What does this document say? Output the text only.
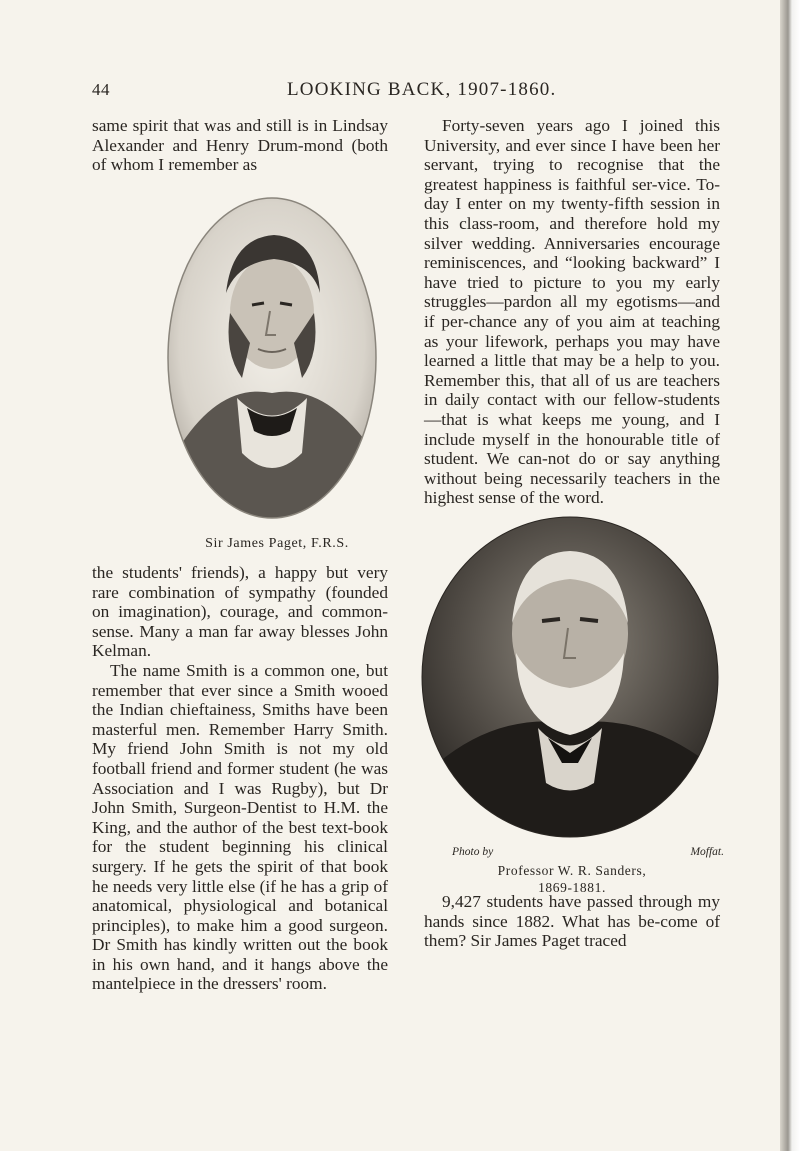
44	LOOKING BACK, 1907-1860.

same spirit that was and still is in Lindsay Alexander and Henry Drum-mond (both of whom I remember as

Sir James Paget, F.R.S.

the students' friends), a happy but very rare combination of sympathy (founded on imagination), courage, and common-sense. Many a man far away blesses John Kelman.

The name Smith is a common one, but remember that ever since a Smith wooed the Indian chieftainess, Smiths have been masterful men. Remember Harry Smith. My friend John Smith is not my old football friend and former student (he was Association and I was Rugby), but Dr John Smith, Surgeon-Dentist to H.M. the King, and the author of the best text-book for the student beginning his clinical surgery. If he gets the spirit of that book he needs very little else (if he has a grip of anatomical, physiological and botanical principles), to make him a good surgeon. Dr Smith has kindly written out the book in his own hand, and it hangs above the mantelpiece in the dressers' room.

Forty-seven years ago I joined this University, and ever since I have been her servant, trying to recognise that the greatest happiness is faithful ser-vice. To-day I enter on my twenty-fifth session in this class-room, and therefore hold my silver wedding. Anniversaries encourage reminiscences, and “looking backward” I have tried to picture to you my early struggles—pardon all my egotisms—and if per-chance any of you aim at teaching as your lifework, perhaps you may have learned a little that may be a help to you. Remember this, that all of us are teachers in daily contact with our fellow-students—that is what keeps me young, and I include myself in the honourable title of student. We can-not do or say anything without being necessarily teachers in the highest sense of the word.

Photo by	Moffat.
Professor W. R. Sanders,
1869-1881.

9,427 students have passed through my hands since 1882. What has be-come of them? Sir James Paget traced
